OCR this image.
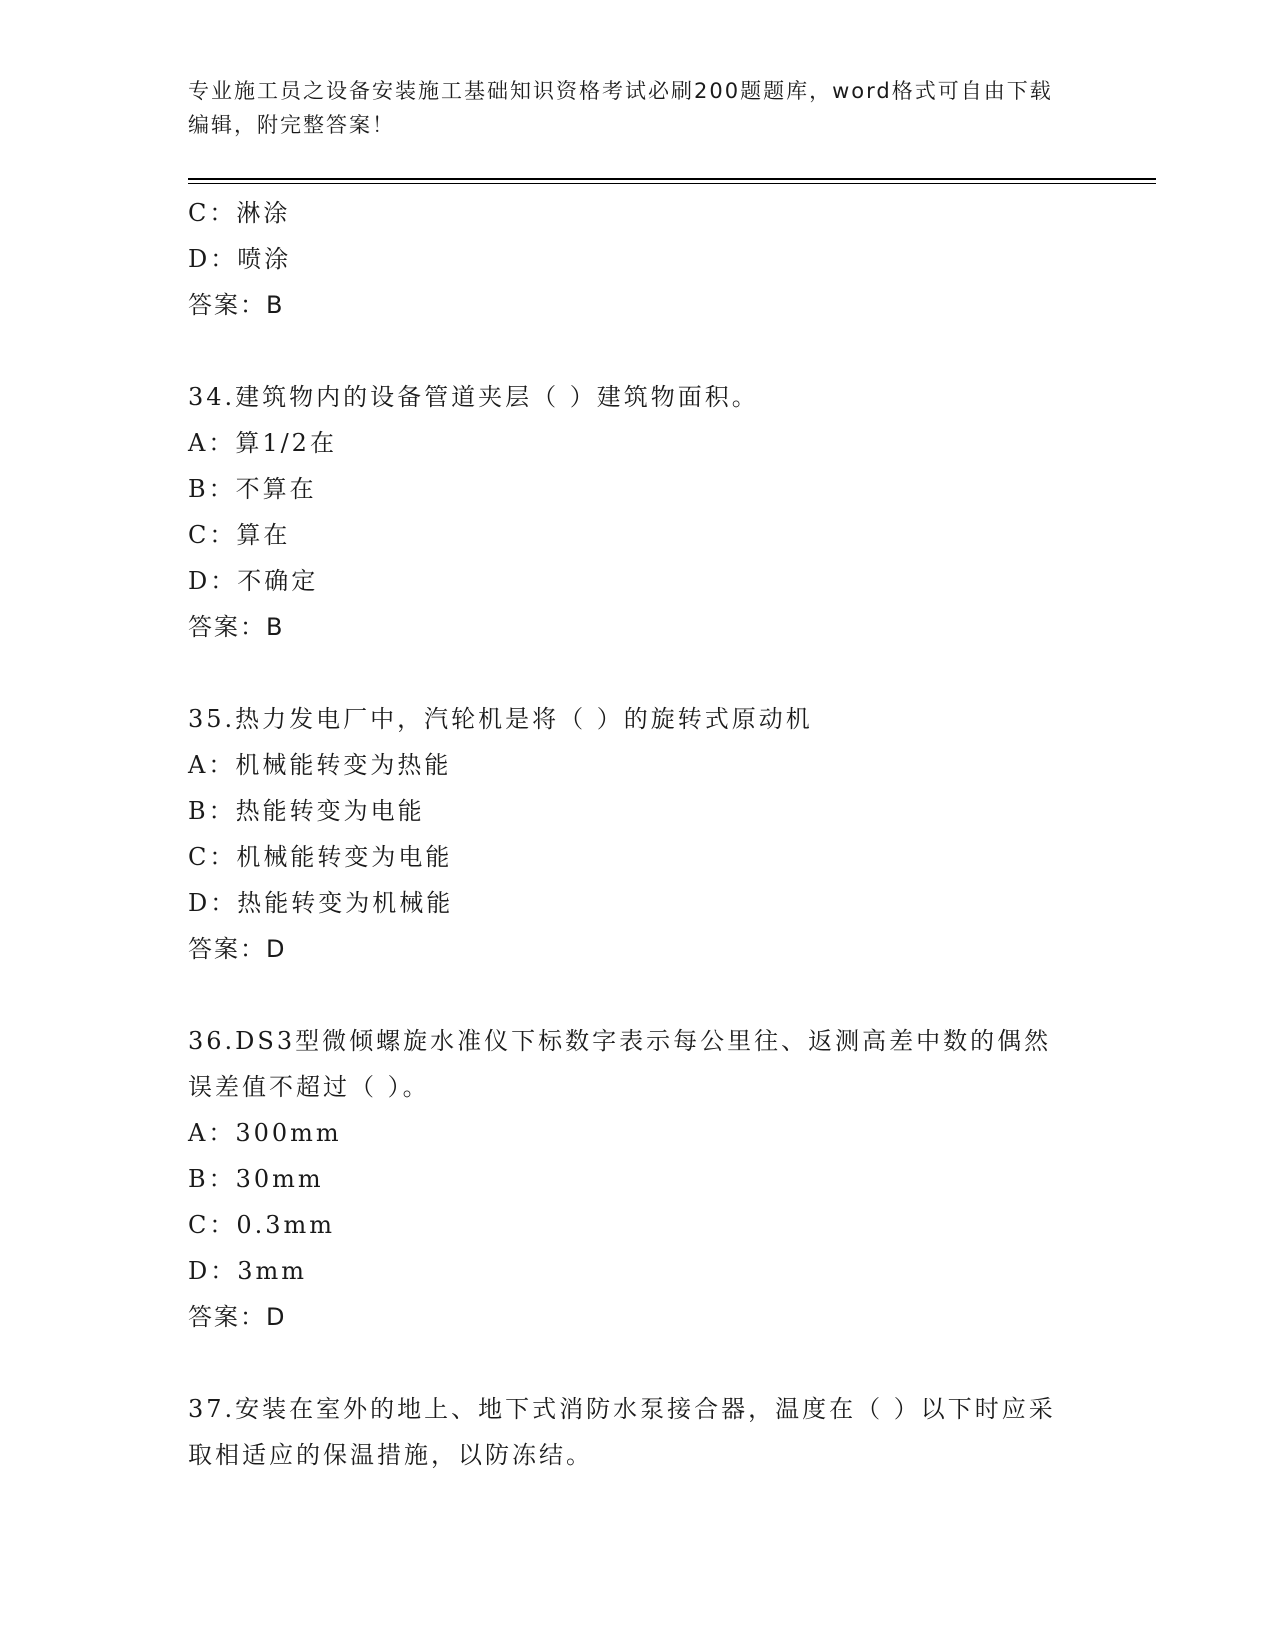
专业施工员之设备安装施工基础知识资格考试必刷200题题库，word格式可自由下载编辑，附完整答案！
C：淋涂
D：喷涂
答案：B
34.建筑物内的设备管道夹层（ ）建筑物面积。
A：算1/2在
B：不算在
C：算在
D：不确定
答案：B
35.热力发电厂中，汽轮机是将（ ）的旋转式原动机
A：机械能转变为热能
B：热能转变为电能
C：机械能转变为电能
D：热能转变为机械能
答案：D
36.DS3型微倾螺旋水准仪下标数字表示每公里往、返测高差中数的偶然误差值不超过（ ）。
A：300mm
B：30mm
C：0.3mm
D：3mm
答案：D
37.安装在室外的地上、地下式消防水泵接合器，温度在（ ）以下时应采取相适应的保温措施，以防冻结。
